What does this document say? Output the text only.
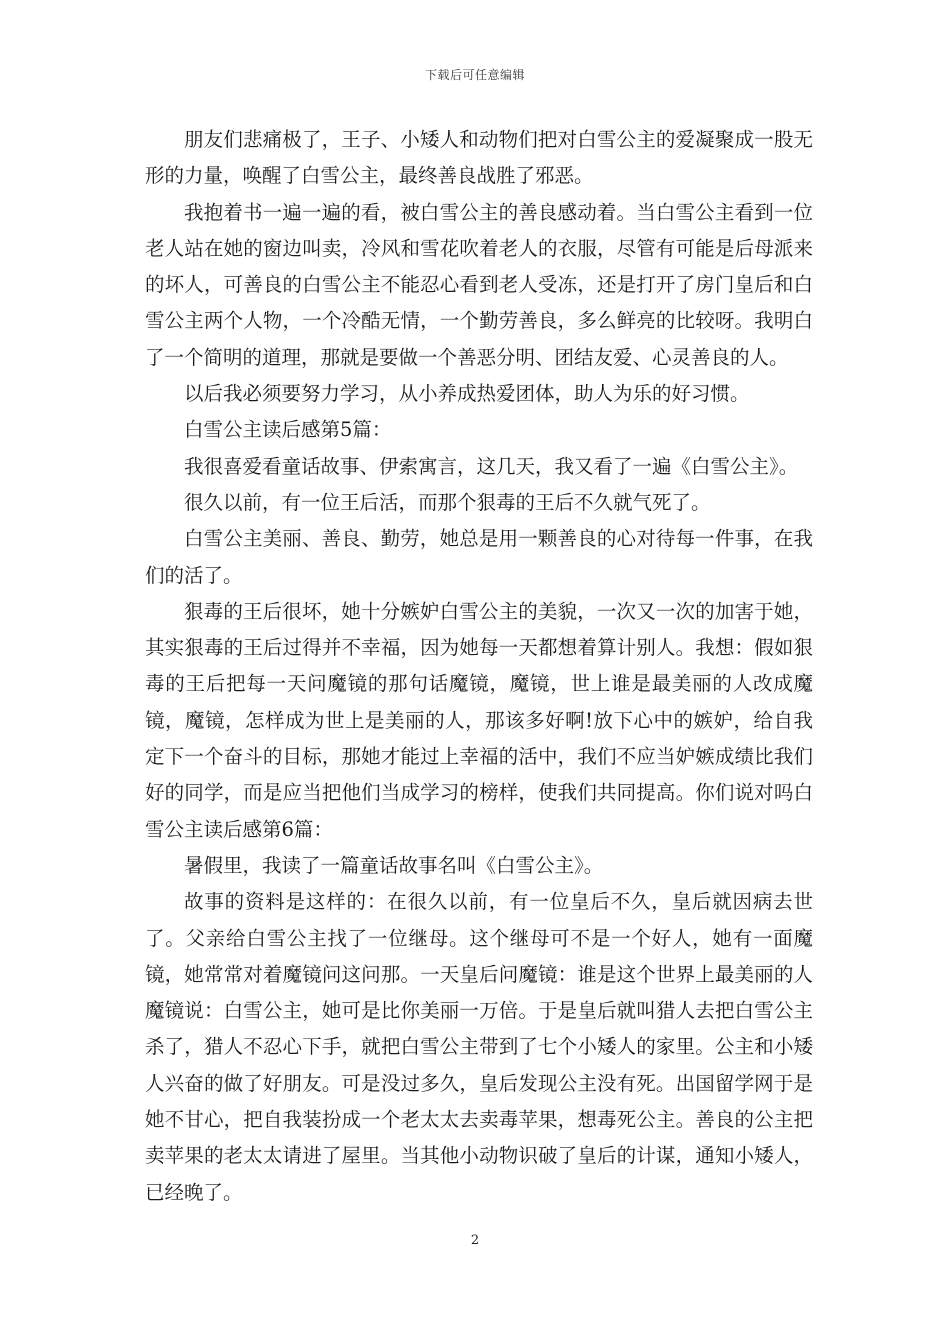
下载后可任意编辑

朋友们悲痛极了，王子、小矮人和动物们把对白雪公主的爱凝聚成一股无形的力量，唤醒了白雪公主，最终善良战胜了邪恶。

我抱着书一遍一遍的看，被白雪公主的善良感动着。当白雪公主看到一位老人站在她的窗边叫卖，冷风和雪花吹着老人的衣服，尽管有可能是后母派来的坏人，可善良的白雪公主不能忍心看到老人受冻，还是打开了房门皇后和白雪公主两个人物，一个冷酷无情，一个勤劳善良，多么鲜亮的比较呀。我明白了一个简明的道理，那就是要做一个善恶分明、团结友爱、心灵善良的人。

以后我必须要努力学习，从小养成热爱团体，助人为乐的好习惯。

白雪公主读后感第5篇：

我很喜爱看童话故事、伊索寓言，这几天，我又看了一遍《白雪公主》。

很久以前，有一位王后活，而那个狠毒的王后不久就气死了。

白雪公主美丽、善良、勤劳，她总是用一颗善良的心对待每一件事，在我们的活了。

狠毒的王后很坏，她十分嫉妒白雪公主的美貌，一次又一次的加害于她，其实狠毒的王后过得并不幸福，因为她每一天都想着算计别人。我想：假如狠毒的王后把每一天问魔镜的那句话魔镜，魔镜，世上谁是最美丽的人改成魔镜，魔镜，怎样成为世上是美丽的人，那该多好啊!放下心中的嫉妒，给自我定下一个奋斗的目标，那她才能过上幸福的活中，我们不应当妒嫉成绩比我们好的同学，而是应当把他们当成学习的榜样，使我们共同提高。你们说对吗白雪公主读后感第6篇：

暑假里，我读了一篇童话故事名叫《白雪公主》。

故事的资料是这样的：在很久以前，有一位皇后不久，皇后就因病去世了。父亲给白雪公主找了一位继母。这个继母可不是一个好人，她有一面魔镜，她常常对着魔镜问这问那。一天皇后问魔镜：谁是这个世界上最美丽的人魔镜说：白雪公主，她可是比你美丽一万倍。于是皇后就叫猎人去把白雪公主杀了，猎人不忍心下手，就把白雪公主带到了七个小矮人的家里。公主和小矮人兴奋的做了好朋友。可是没过多久，皇后发现公主没有死。出国留学网于是她不甘心，把自我装扮成一个老太太去卖毒苹果，想毒死公主。善良的公主把卖苹果的老太太请进了屋里。当其他小动物识破了皇后的计谋，通知小矮人，已经晚了。

2
